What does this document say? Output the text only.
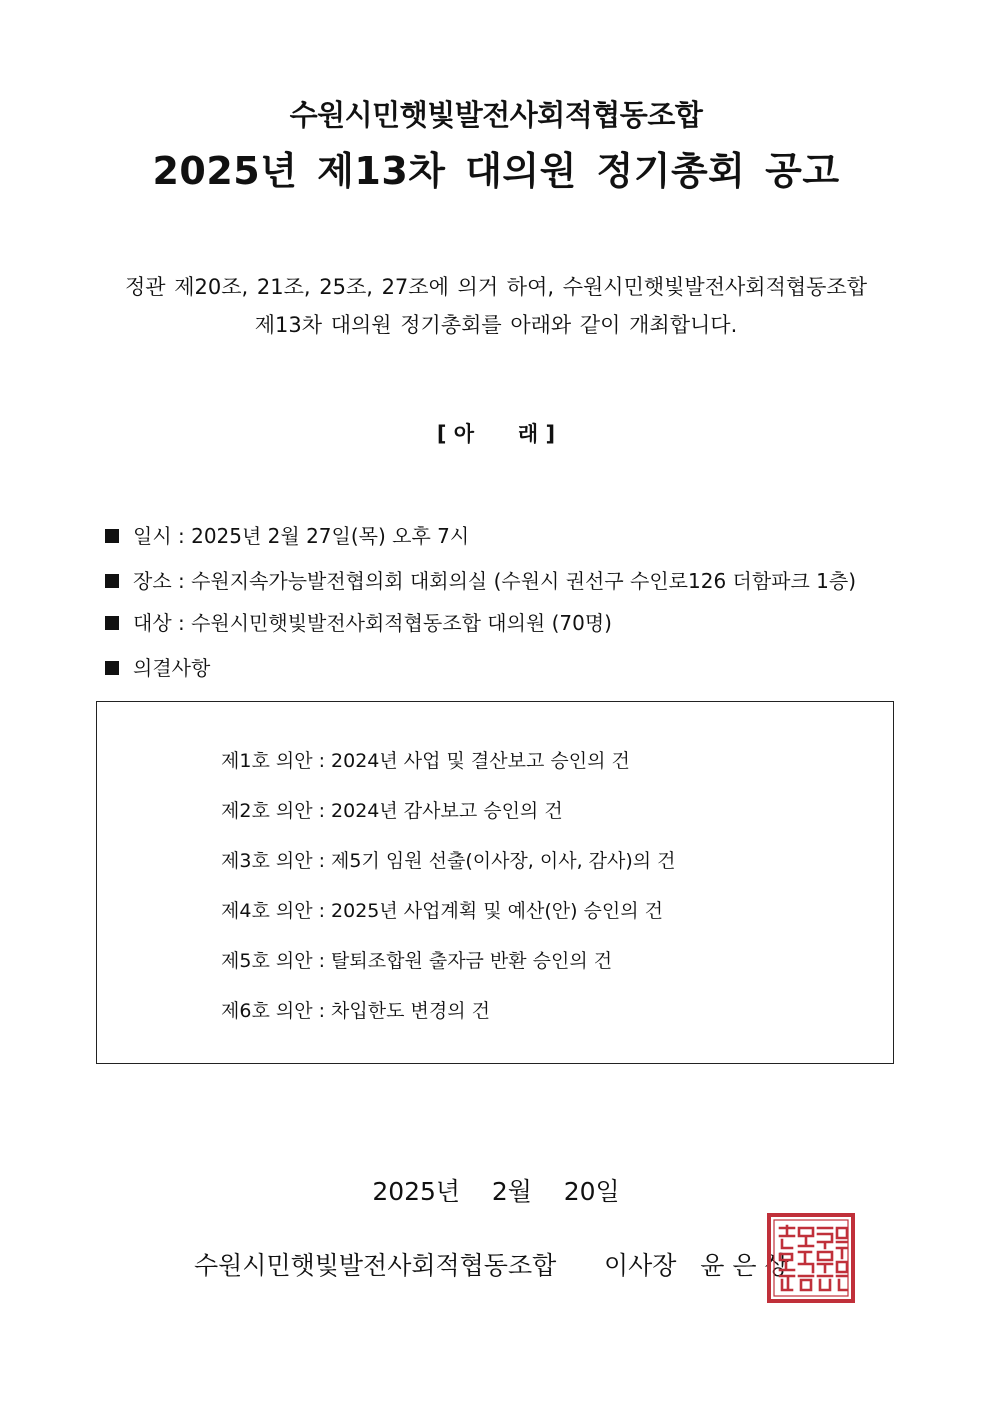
수원시민햇빛발전사회적협동조합
2025년 제13차 대의원 정기총회 공고
정관 제20조, 21조, 25조, 27조에 의거 하여, 수원시민햇빛발전사회적협동조합
제13차 대의원 정기총회를 아래와 같이 개최합니다.
[ 아      래 ]
일시 : 2025년 2월 27일(목) 오후 7시
장소 : 수원지속가능발전협의회 대회의실 (수원시 권선구 수인로126 더함파크 1층)
대상 : 수원시민햇빛발전사회적협동조합 대의원 (70명)
의결사항
제1호 의안 : 2024년 사업 및 결산보고 승인의 건
제2호 의안 : 2024년 감사보고 승인의 건
제3호 의안 : 제5기 임원 선출(이사장, 이사, 감사)의 건
제4호 의안 : 2025년 사업계획 및 예산(안) 승인의 건
제5호 의안 : 탈퇴조합원 출자금 반환 승인의 건
제6호 의안 : 차입한도 변경의 건
2025년    2월    20일
수원시민햇빛발전사회적협동조합 이사장 윤 은 상
